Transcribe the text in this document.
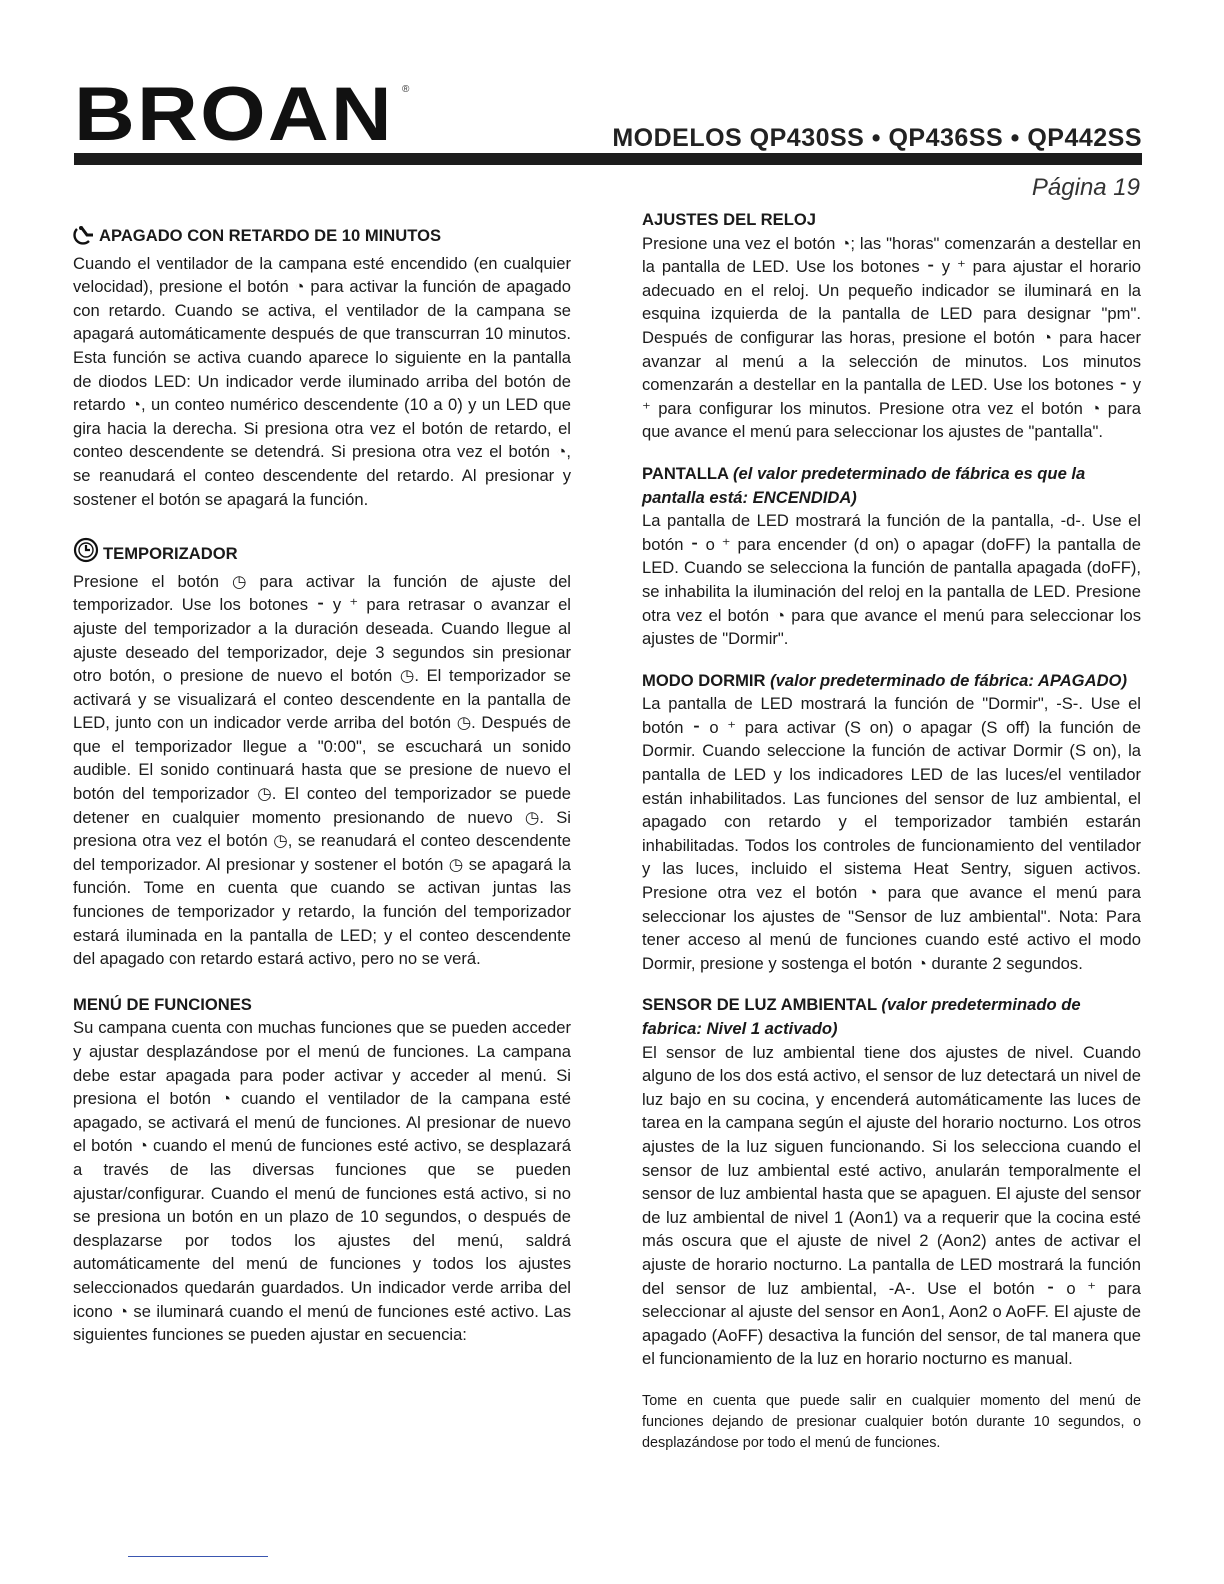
BROAN ®
MODELOS QP430SS • QP436SS • QP442SS
Página 19
APAGADO CON RETARDO DE 10 MINUTOS

Cuando el ventilador de la campana esté encendido (en cualquier velocidad), presione el botón ◔ para activar la función de apagado con retardo. Cuando se activa, el ventilador de la campana se apagará automáticamente después de que transcurran 10 minutos. Esta función se activa cuando aparece lo siguiente en la pantalla de diodos LED: Un indicador verde iluminado arriba del botón de retardo ◔, un conteo numérico descendente (10 a 0) y un LED que gira hacia la derecha. Si presiona otra vez el botón de retardo, el conteo descendente se detendrá. Si presiona otra vez el botón ◔, se reanudará el conteo descendente del retardo. Al presionar y sostener el botón se apagará la función.

TEMPORIZADOR

Presione el botón ◷ para activar la función de ajuste del temporizador. Use los botones ⁃ y ⁺ para retrasar o avanzar el ajuste del temporizador a la duración deseada. Cuando llegue al ajuste deseado del temporizador, deje 3 segundos sin presionar otro botón, o presione de nuevo el botón ◷. El temporizador se activará y se visualizará el conteo descendente en la pantalla de LED, junto con un indicador verde arriba del botón ◷. Después de que el temporizador llegue a "0:00", se escuchará un sonido audible. El sonido continuará hasta que se presione de nuevo el botón del temporizador ◷. El conteo del temporizador se puede detener en cualquier momento presionando de nuevo ◷. Si presiona otra vez el botón ◷, se reanudará el conteo descendente del temporizador. Al presionar y sostener el botón ◷ se apagará la función. Tome en cuenta que cuando se activan juntas las funciones de temporizador y retardo, la función del temporizador estará iluminada en la pantalla de LED; y el conteo descendente del apagado con retardo estará activo, pero no se verá.

MENÚ DE FUNCIONES

Su campana cuenta con muchas funciones que se pueden acceder y ajustar desplazándose por el menú de funciones. La campana debe estar apagada para poder activar y acceder al menú. Si presiona el botón ◔ cuando el ventilador de la campana esté apagado, se activará el menú de funciones. Al presionar de nuevo el botón ◔ cuando el menú de funciones esté activo, se desplazará a través de las diversas funciones que se pueden ajustar/configurar. Cuando el menú de funciones está activo, si no se presiona un botón en un plazo de 10 segundos, o después de desplazarse por todos los ajustes del menú, saldrá automáticamente del menú de funciones y todos los ajustes seleccionados quedarán guardados. Un indicador verde arriba del icono ◔ se iluminará cuando el menú de funciones esté activo. Las siguientes funciones se pueden ajustar en secuencia:

AJUSTES DEL RELOJ

Presione una vez el botón ◔; las "horas" comenzarán a destellar en la pantalla de LED. Use los botones ⁃ y ⁺ para ajustar el horario adecuado en el reloj. Un pequeño indicador se iluminará en la esquina izquierda de la pantalla de LED para designar "pm". Después de configurar las horas, presione el botón ◔ para hacer avanzar al menú a la selección de minutos. Los minutos comenzarán a destellar en la pantalla de LED. Use los botones ⁃ y ⁺ para configurar los minutos. Presione otra vez el botón ◔ para que avance el menú para seleccionar los ajustes de "pantalla".

PANTALLA (el valor predeterminado de fábrica es que la pantalla está: ENCENDIDA)

La pantalla de LED mostrará la función de la pantalla, -d-. Use el botón ⁃ o ⁺ para encender (d on) o apagar (doFF) la pantalla de LED. Cuando se selecciona la función de pantalla apagada (doFF), se inhabilita la iluminación del reloj en la pantalla de LED. Presione otra vez el botón ◔ para que avance el menú para seleccionar los ajustes de "Dormir".

MODO DORMIR (valor predeterminado de fábrica: APAGADO)

La pantalla de LED mostrará la función de "Dormir", -S-. Use el botón ⁃ o ⁺ para activar (S on) o apagar (S off) la función de Dormir. Cuando seleccione la función de activar Dormir (S on), la pantalla de LED y los indicadores LED de las luces/el ventilador están inhabilitados. Las funciones del sensor de luz ambiental, el apagado con retardo y el temporizador también estarán inhabilitadas. Todos los controles de funcionamiento del ventilador y las luces, incluido el sistema Heat Sentry, siguen activos. Presione otra vez el botón ◔ para que avance el menú para seleccionar los ajustes de "Sensor de luz ambiental". Nota: Para tener acceso al menú de funciones cuando esté activo el modo Dormir, presione y sostenga el botón ◔ durante 2 segundos.

SENSOR DE LUZ AMBIENTAL (valor predeterminado de fabrica: Nivel 1 activado)

El sensor de luz ambiental tiene dos ajustes de nivel. Cuando alguno de los dos está activo, el sensor de luz detectará un nivel de luz bajo en su cocina, y encenderá automáticamente las luces de tarea en la campana según el ajuste del horario nocturno. Los otros ajustes de la luz siguen funcionando. Si los selecciona cuando el sensor de luz ambiental esté activo, anularán temporalmente el sensor de luz ambiental hasta que se apaguen. El ajuste del sensor de luz ambiental de nivel 1 (Aon1) va a requerir que la cocina esté más oscura que el ajuste de nivel 2 (Aon2) antes de activar el ajuste de horario nocturno. La pantalla de LED mostrará la función del sensor de luz ambiental, -A-. Use el botón ⁃ o ⁺ para seleccionar al ajuste del sensor en Aon1, Aon2 o AoFF. El ajuste de apagado (AoFF) desactiva la función del sensor, de tal manera que el funcionamiento de la luz en horario nocturno es manual.

Tome en cuenta que puede salir en cualquier momento del menú de funciones dejando de presionar cualquier botón durante 10 segundos, o desplazándose por todo el menú de funciones.
